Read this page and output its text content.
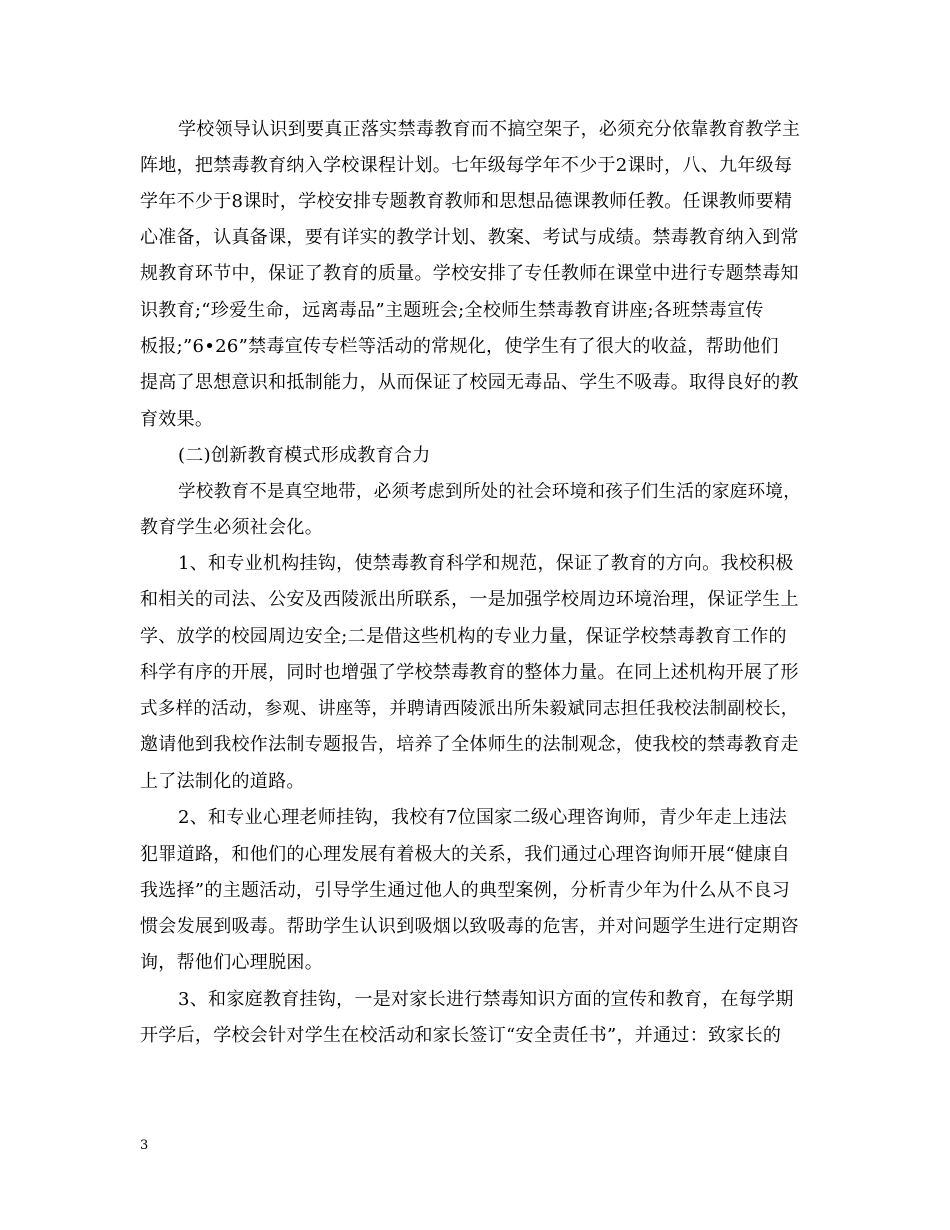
学校领导认识到要真正落实禁毒教育而不搞空架子，必须充分依靠教育教学主
阵地，把禁毒教育纳入学校课程计划。七年级每学年不少于2课时，八、九年级每
学年不少于8课时，学校安排专题教育教师和思想品德课教师任教。任课教师要精
心准备，认真备课，要有详实的教学计划、教案、考试与成绩。禁毒教育纳入到常
规教育环节中，保证了教育的质量。学校安排了专任教师在课堂中进行专题禁毒知
识教育;“珍爱生命，远离毒品”主题班会;全校师生禁毒教育讲座;各班禁毒宣传
板报;”6•26”禁毒宣传专栏等活动的常规化，使学生有了很大的收益，帮助他们
提高了思想意识和抵制能力，从而保证了校园无毒品、学生不吸毒。取得良好的教
育效果。
(二)创新教育模式形成教育合力
学校教育不是真空地带，必须考虑到所处的社会环境和孩子们生活的家庭环境，
教育学生必须社会化。
1、和专业机构挂钩，使禁毒教育科学和规范，保证了教育的方向。我校积极
和相关的司法、公安及西陵派出所联系，一是加强学校周边环境治理，保证学生上
学、放学的校园周边安全;二是借这些机构的专业力量，保证学校禁毒教育工作的
科学有序的开展，同时也增强了学校禁毒教育的整体力量。在同上述机构开展了形
式多样的活动，参观、讲座等，并聘请西陵派出所朱毅斌同志担任我校法制副校长，
邀请他到我校作法制专题报告，培养了全体师生的法制观念，使我校的禁毒教育走
上了法制化的道路。
2、和专业心理老师挂钩，我校有7位国家二级心理咨询师，青少年走上违法
犯罪道路，和他们的心理发展有着极大的关系，我们通过心理咨询师开展“健康自
我选择”的主题活动，引导学生通过他人的典型案例，分析青少年为什么从不良习
惯会发展到吸毒。帮助学生认识到吸烟以致吸毒的危害，并对问题学生进行定期咨
询，帮他们心理脱困。
3、和家庭教育挂钩，一是对家长进行禁毒知识方面的宣传和教育，在每学期
开学后，学校会针对学生在校活动和家长签订“安全责任书”，并通过：致家长的
3
